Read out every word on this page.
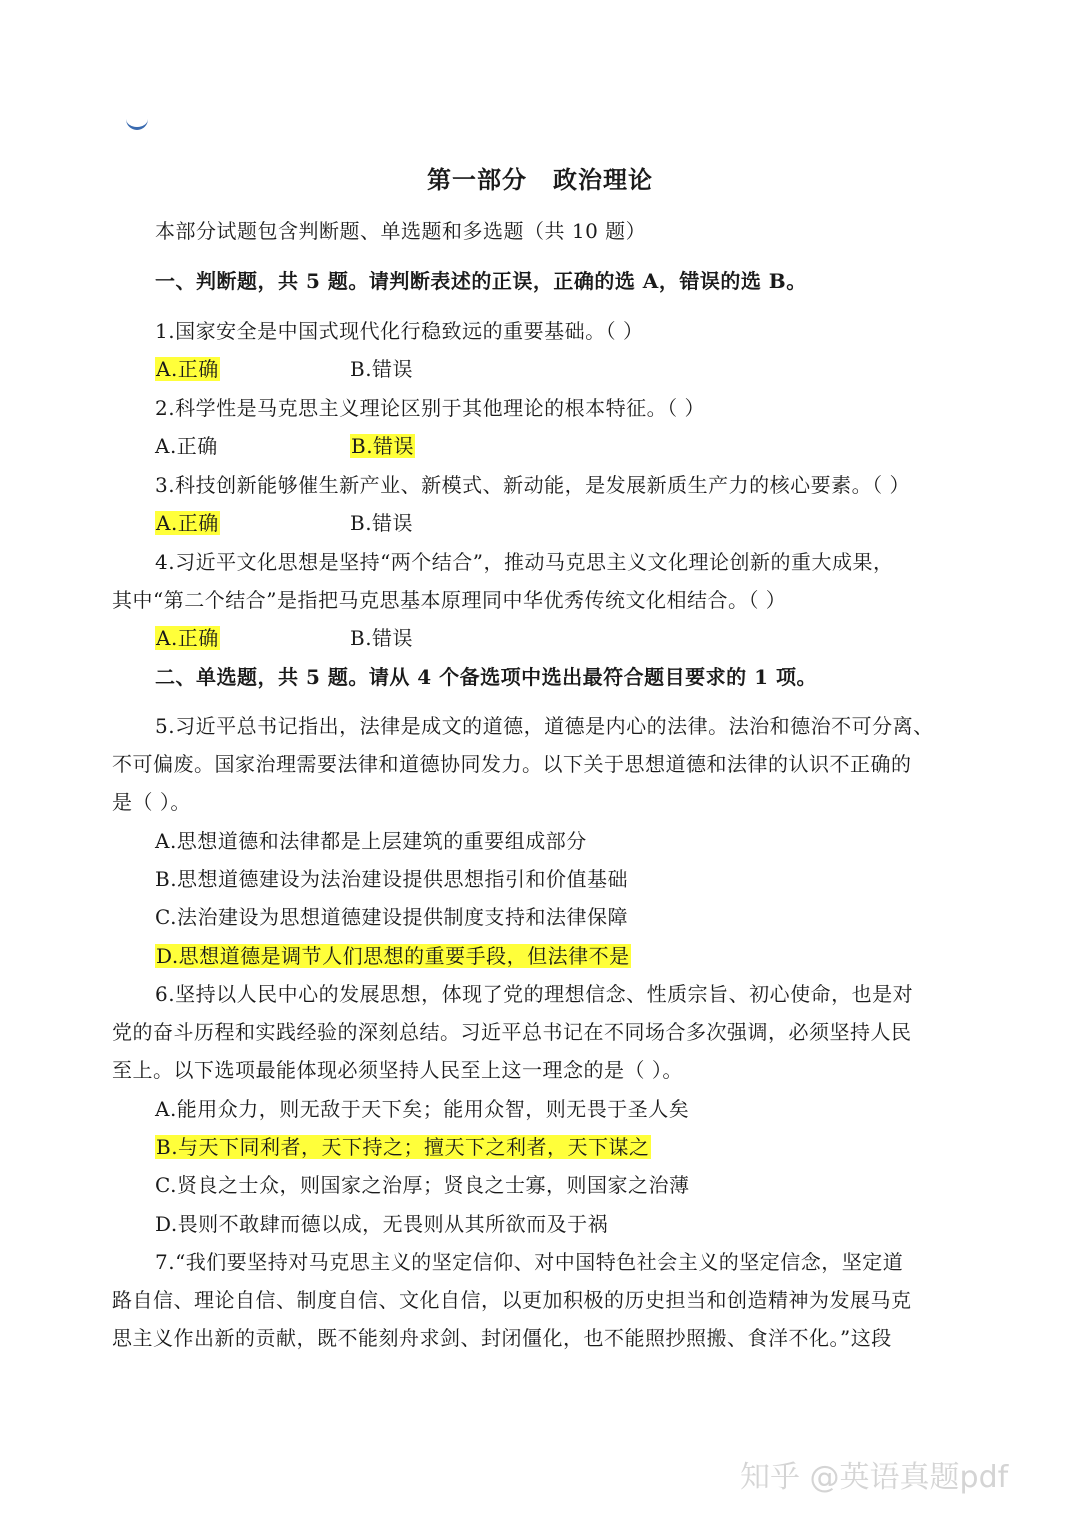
第一部分 政治理论
本部分试题包含判断题、单选题和多选题（共 10 题）
一、判断题，共 5 题。请判断表述的正误，正确的选 A，错误的选 B。
1.国家安全是中国式现代化行稳致远的重要基础。（ ）
A.正确	B.错误
2.科学性是马克思主义理论区别于其他理论的根本特征。（ ）
A.正确	B.错误
3.科技创新能够催生新产业、新模式、新动能，是发展新质生产力的核心要素。（ ）
A.正确	B.错误
4.习近平文化思想是坚持“两个结合”，推动马克思主义文化理论创新的重大成果，
其中“第二个结合”是指把马克思基本原理同中华优秀传统文化相结合。（ ）
A.正确	B.错误
二、单选题，共 5 题。请从 4 个备选项中选出最符合题目要求的 1 项。
5.习近平总书记指出，法律是成文的道德，道德是内心的法律。法治和德治不可分离、
不可偏废。国家治理需要法律和道德协同发力。以下关于思想道德和法律的认识不正确的
是（ ）。
A.思想道德和法律都是上层建筑的重要组成部分
B.思想道德建设为法治建设提供思想指引和价值基础
C.法治建设为思想道德建设提供制度支持和法律保障
D.思想道德是调节人们思想的重要手段，但法律不是
6.坚持以人民中心的发展思想，体现了党的理想信念、性质宗旨、初心使命，也是对
党的奋斗历程和实践经验的深刻总结。习近平总书记在不同场合多次强调，必须坚持人民
至上。以下选项最能体现必须坚持人民至上这一理念的是（ ）。
A.能用众力，则无敌于天下矣；能用众智，则无畏于圣人矣
B.与天下同利者，天下持之；擅天下之利者，天下谋之
C.贤良之士众，则国家之治厚；贤良之士寡，则国家之治薄
D.畏则不敢肆而德以成，无畏则从其所欲而及于祸
7.“我们要坚持对马克思主义的坚定信仰、对中国特色社会主义的坚定信念，坚定道
路自信、理论自信、制度自信、文化自信，以更加积极的历史担当和创造精神为发展马克
思主义作出新的贡献，既不能刻舟求剑、封闭僵化，也不能照抄照搬、食洋不化。”这段
知乎 @英语真题pdf
